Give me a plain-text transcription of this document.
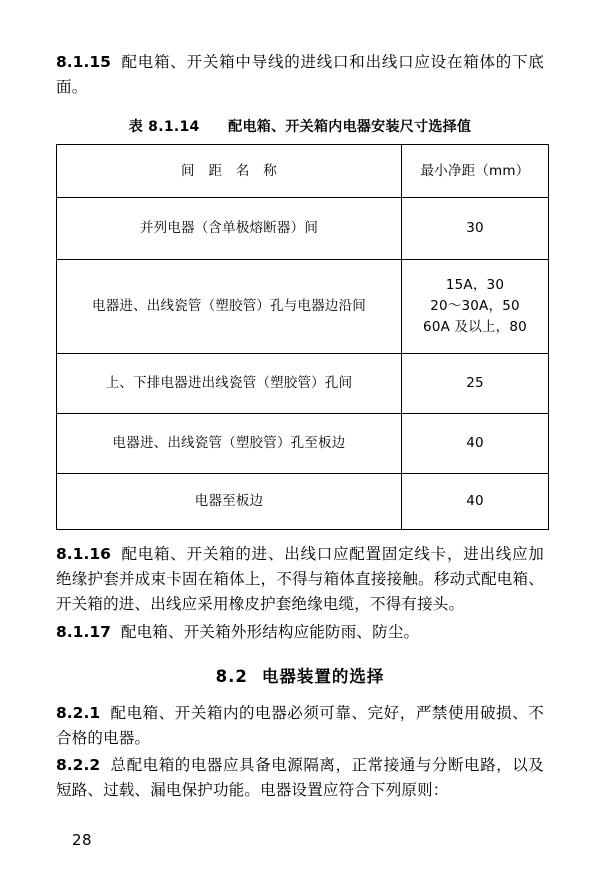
8.1.15 配电箱、开关箱中导线的进线口和出线口应设在箱体的下底面。

表 8.1.14　　配电箱、开关箱内电器安装尺寸选择值
间　距　名　称	最小净距（mm）
并列电器（含单极熔断器）间	30
电器进、出线瓷管（塑胶管）孔与电器边沿间	15A，30
20～30A，50
60A 及以上，80

上、下排电器进出线瓷管（塑胶管）孔间	25
电器进、出线瓷管（塑胶管）孔至板边	40
电器至板边	40

8.1.16 配电箱、开关箱的进、出线口应配置固定线卡，进出线应加绝缘护套并成束卡固在箱体上，不得与箱体直接接触。移动式配电箱、开关箱的进、出线应采用橡皮护套绝缘电缆，不得有接头。

8.1.17 配电箱、开关箱外形结构应能防雨、防尘。

8.2 电器装置的选择

8.2.1 配电箱、开关箱内的电器必须可靠、完好，严禁使用破损、不合格的电器。

8.2.2 总配电箱的电器应具备电源隔离，正常接通与分断电路，以及短路、过载、漏电保护功能。电器设置应符合下列原则：

28
